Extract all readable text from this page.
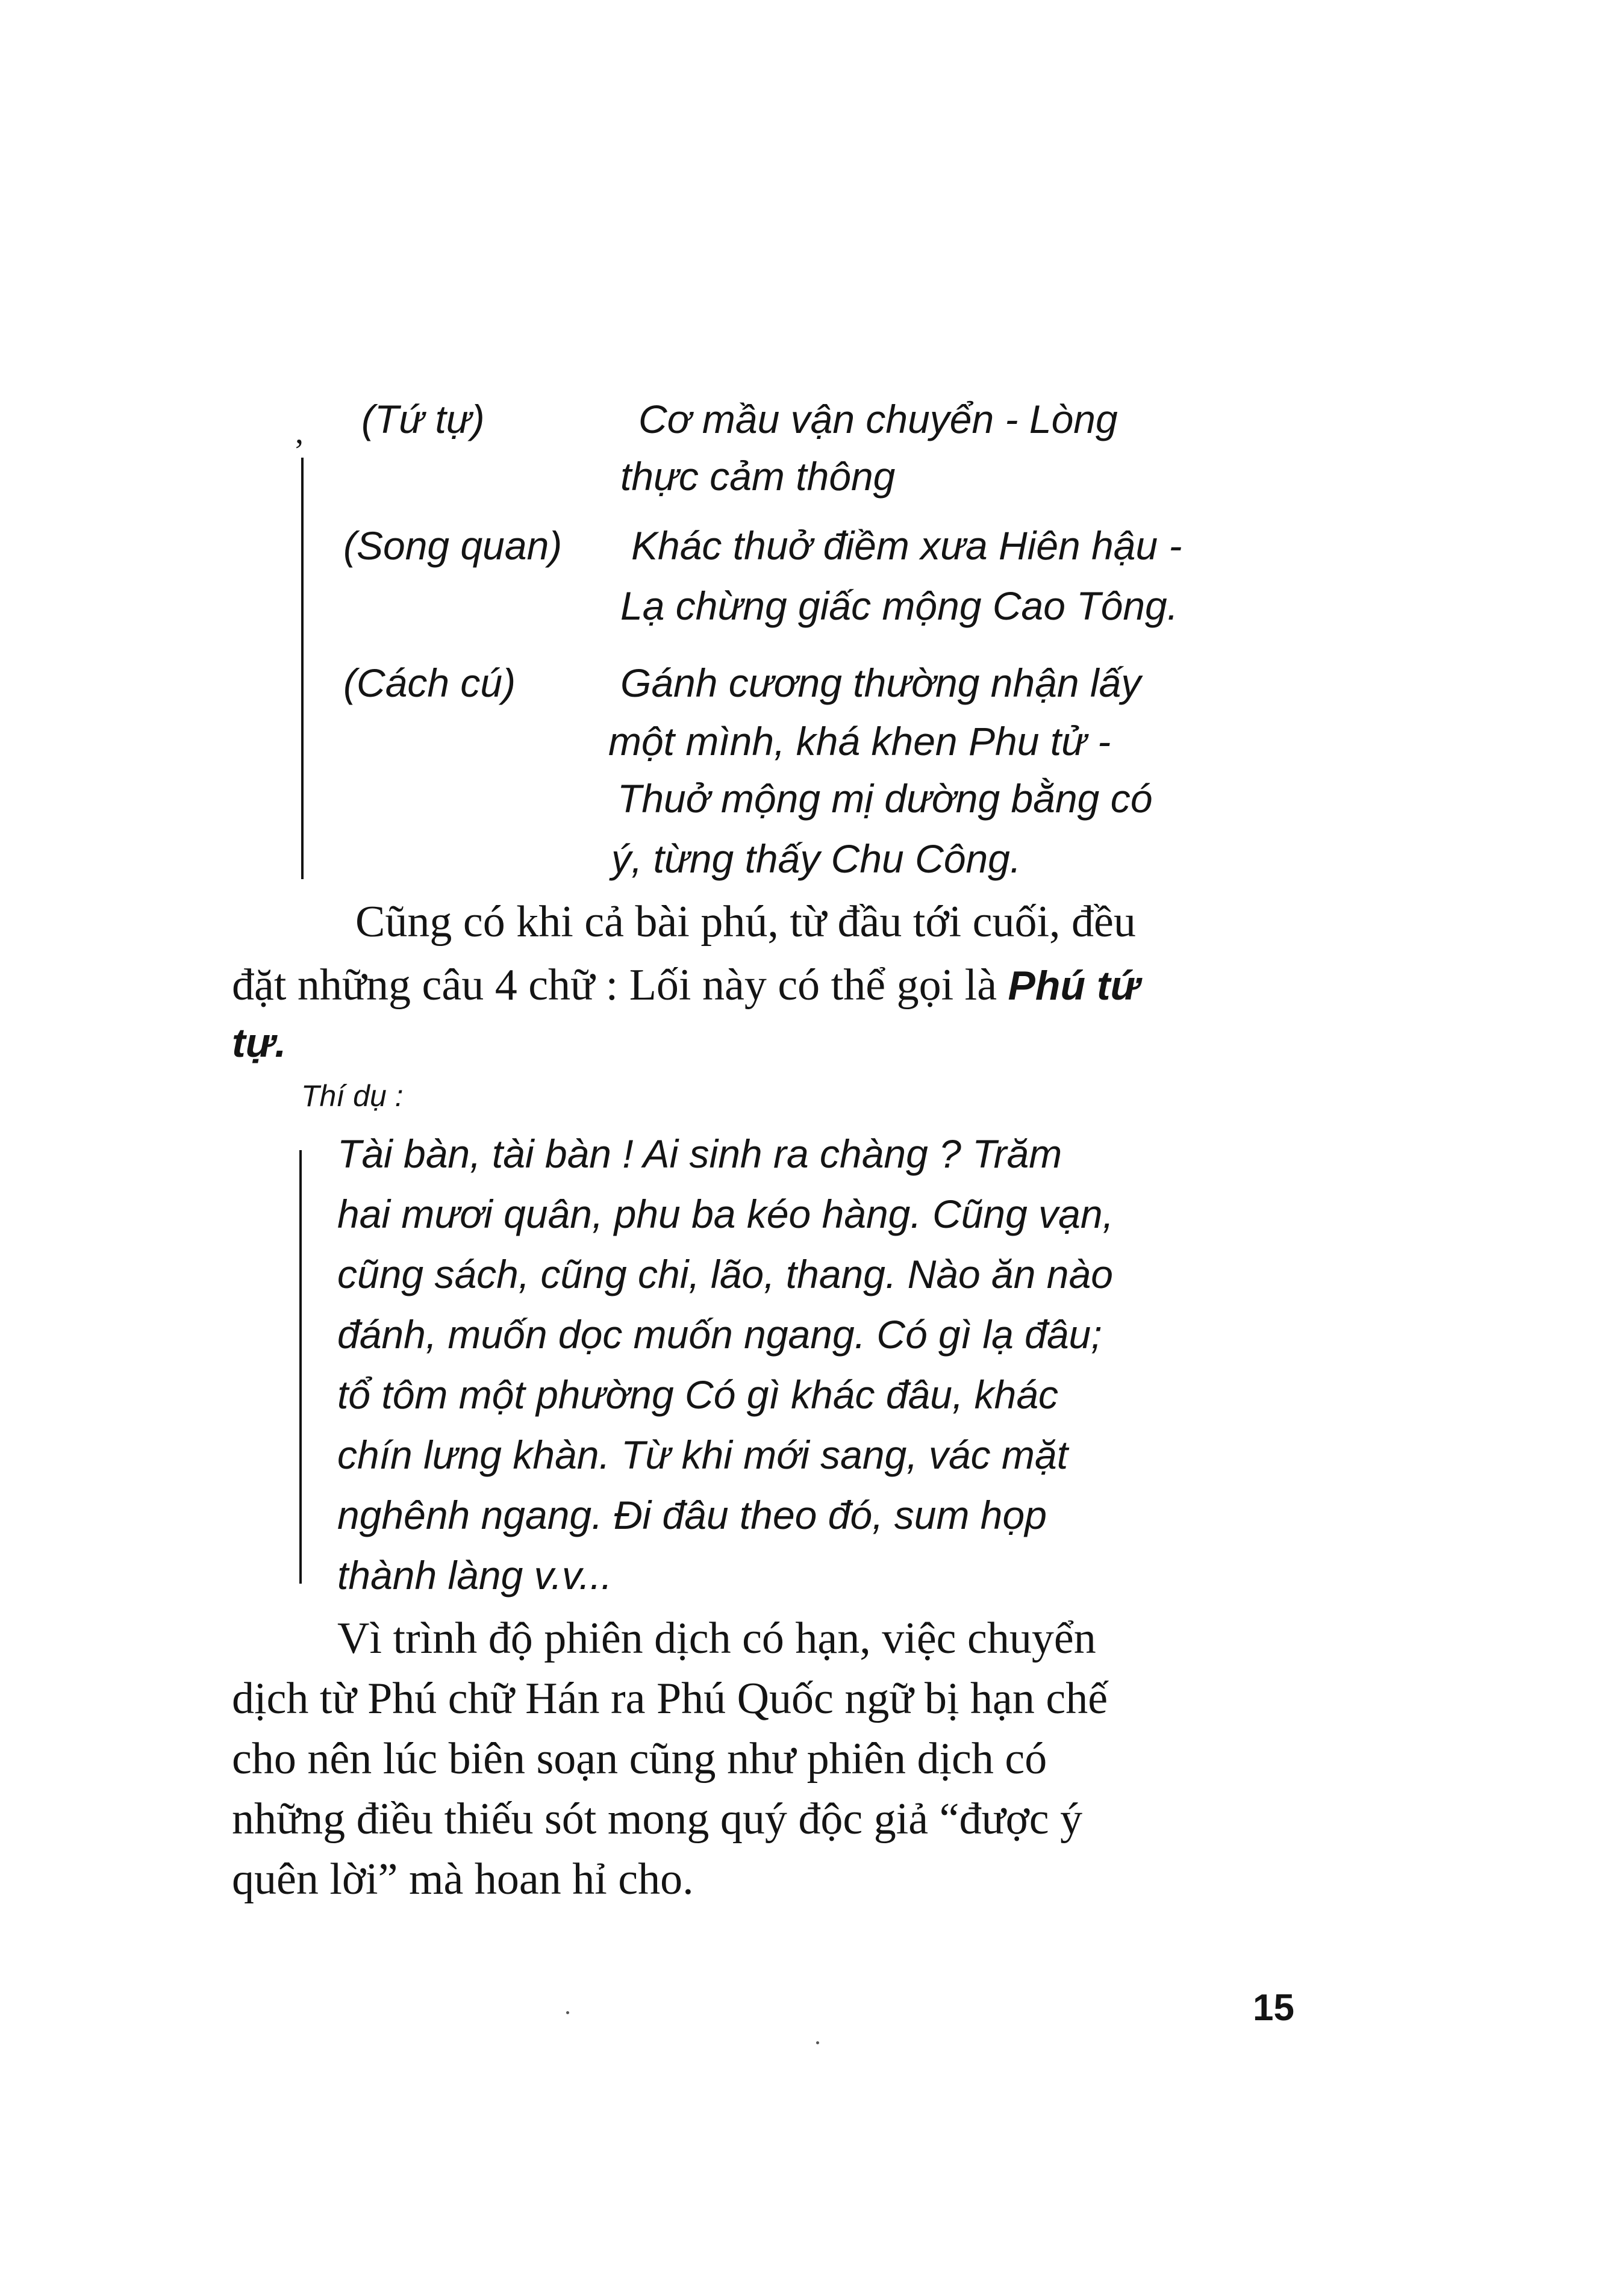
, (Tứ tự)	Cơ mầu vận chuyển - Lòng
thực cảm thông
(Song quan) Khác thuở điềm xưa Hiên hậu -
Lạ chừng giấc mộng Cao Tông.
(Cách cú)	Gánh cương thường nhận lấy
một mình, khá khen Phu tử -
Thuở mộng mị dường bằng có
ý, từng thấy Chu Công.
Cũng có khi cả bài phú, từ đầu tới cuối, đều
đặt những câu 4 chữ : Lối này có thể gọi là Phú tứ
tự.
Thí dụ :
Tài bàn, tài bàn ! Ai sinh ra chàng ? Trăm
hai mươi quân, phu ba kéo hàng. Cũng vạn,
cũng sách, cũng chi, lão, thang. Nào ăn nào
đánh, muốn dọc muốn ngang. Có gì lạ đâu;
tổ tôm một phường Có gì khác đâu, khác
chín lưng khàn. Từ khi mới sang, vác mặt
nghênh ngang. Đi đâu theo đó, sum họp
thành làng v.v...
Vì trình độ phiên dịch có hạn, việc chuyển
dịch từ Phú chữ Hán ra Phú Quốc ngữ bị hạn chế
cho nên lúc biên soạn cũng như phiên dịch có
những điều thiếu sót mong quý độc giả “được ý
quên lời” mà hoan hỉ cho.
15
